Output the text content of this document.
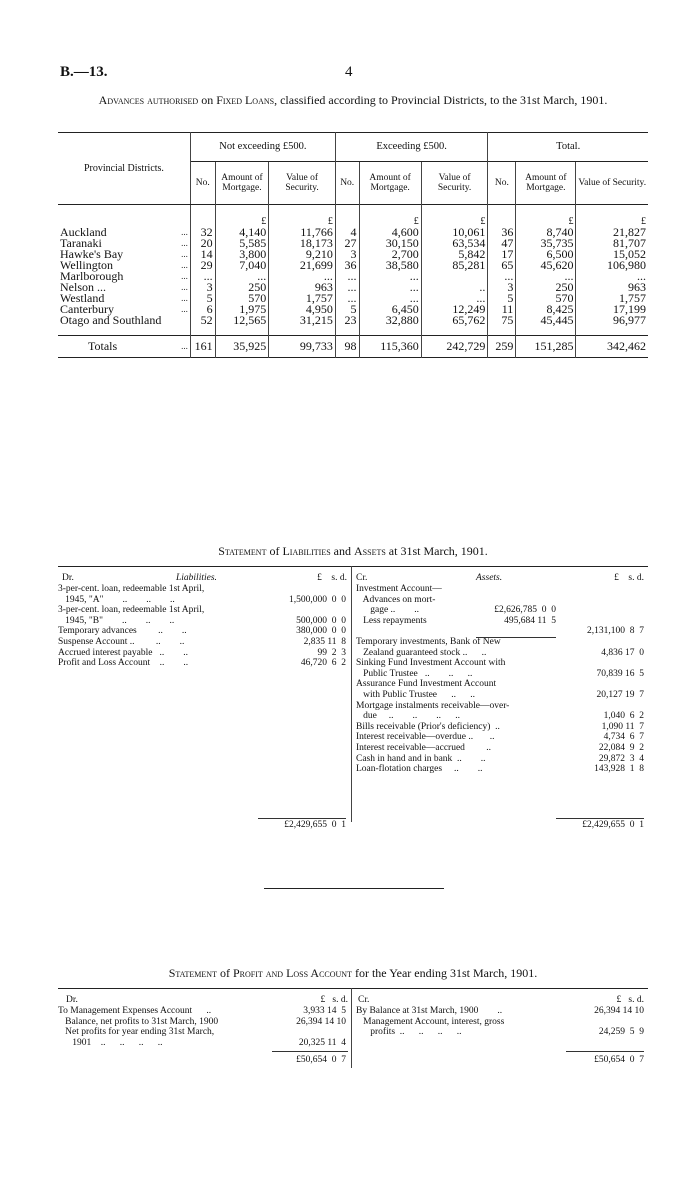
B.—13.	4
Advances authorised on Fixed Loans, classified according to Provincial Districts, to the 31st March, 1901.
Provincial Districts.		Not exceeding £500.			Exceeding £500.			Total.		
		No.	Amount of Mortgage.	Value of Security.	No.	Amount of Mortgage.	Value of Security.	No.	Amount of Mortgage.	Value of Security.
			£	£		£	£		£	£
Auckland	...	32	4,140	11,766	4	4,600	10,061	36	8,740	21,827
Taranaki	...	20	5,585	18,173	27	30,150	63,534	47	35,735	81,707
Hawke's Bay	...	14	3,800	9,210	3	2,700	5,842	17	6,500	15,052
Wellington	...	29	7,040	21,699	36	38,580	85,281	65	45,620	106,980
Marlborough	...	...	...	...	...	...		...	...	...
Nelson ...	...	3	250	963	...	...	..	3	250	963
Westland	...	5	570	1,757	...	...	...	5	570	1,757
Canterbury	...	6	1,975	4,950	5	6,450	12,249	11	8,425	17,199
Otago and Southland		52	12,565	31,215	23	32,880	65,762	75	45,445	96,977

Totals	...	161	35,925	99,733	98	115,360	242,729	259	151,285	342,462
Statement of Liabilities and Assets at 31st March, 1901.
Dr.	Liabilities.	£    s. d.
3-per-cent. loan, redeemable 1st April,
1945, "A"        ..        ..        ..	1,500,000  0  0
3-per-cent. loan, redeemable 1st April,
1945, "B"        ..        ..        ..	500,000  0  0
Temporary advances         ..        ..	380,000  0  0
Suspense Account ..         ..        ..	2,835 11  8
Accrued interest payable   ..        ..	99  2  3
Profit and Loss Account    ..        ..	46,720  6  2
£2,429,655  0  1
Cr.	Assets.	£    s. d.
Investment Account—
Advances on mort-
gage ..        ..	£2,626,785  0  0
Less repayments	495,684 11  5
2,131,100  8  7
Temporary investments, Bank of New
Zealand guaranteed stock ..      ..	4,836 17  0
Sinking Fund Investment Account with
Public Trustee   ..        ..      ..	70,839 16  5
Assurance Fund Investment Account
with Public Trustee      ..      ..	20,127 19  7
Mortgage instalments receivable—over-
due     ..        ..        ..      ..	1,040  6  2
Bills receivable (Prior's deficiency)  ..	1,090 11  7
Interest receivable—overdue ..       ..	4,734  6  7
Interest receivable—accrued         ..	22,084  9  2
Cash in hand and in bank  ..        ..	29,872  3  4
Loan-flotation charges     ..        ..	143,928  1  8
£2,429,655  0  1
Statement of Profit and Loss Account for the Year ending 31st March, 1901.
Dr.	£   s. d.
To Management Expenses Account      ..	3,933 14  5
Balance, net profits to 31st March, 1900	26,394 14 10
Net profits for year ending 31st March,
1901    ..      ..      ..      ..	20,325 11  4
£50,654  0  7
Cr.	£   s. d.
By Balance at 31st March, 1900        ..	26,394 14 10
Management Account, interest, gross
profits  ..      ..      ..      ..	24,259  5  9
£50,654  0  7
